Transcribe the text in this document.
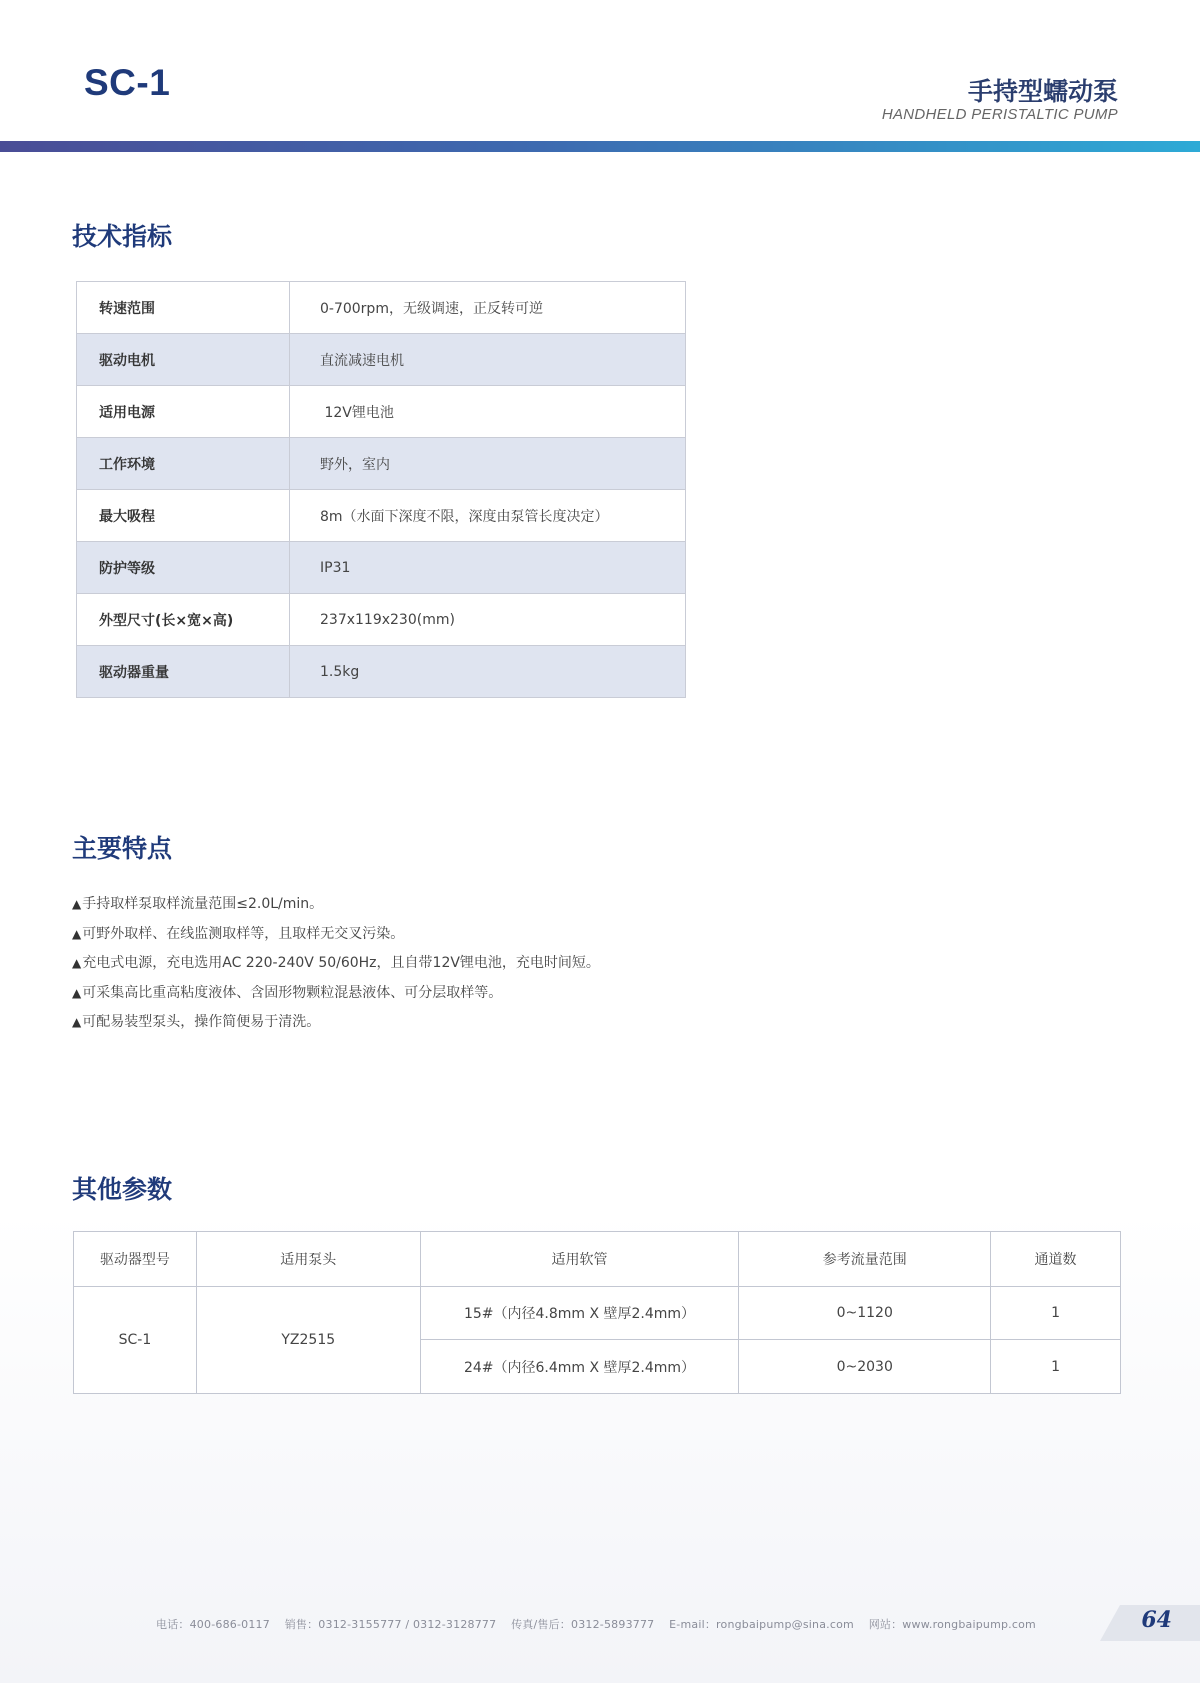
SC-1	手持型蠕动泵
HANDHELD PERISTALTIC PUMP
技术指标
转速范围	0-700rpm，无级调速，正反转可逆
驱动电机	直流减速电机
适用电源	12V锂电池
工作环境	野外，室内
最大吸程	8m（水面下深度不限，深度由泵管长度决定）
防护等级	IP31
外型尺寸(长×宽×高)	237x119x230(mm)
驱动器重量	1.5kg
主要特点
▲手持取样泵取样流量范围≤2.0L/min。
▲可野外取样、在线监测取样等，且取样无交叉污染。
▲充电式电源，充电选用AC 220-240V 50/60Hz，且自带12V锂电池，充电时间短。
▲可采集高比重高粘度液体、含固形物颗粒混悬液体、可分层取样等。
▲可配易装型泵头，操作简便易于清洗。
其他参数
驱动器型号	适用泵头	适用软管	参考流量范围	通道数
SC-1	YZ2515	15#（内径4.8mm X 壁厚2.4mm）	0~1120	1
		24#（内径6.4mm X 壁厚2.4mm）	0~2030	1
电话：400-686-0117    销售：0312-3155777 / 0312-3128777    传真/售后：0312-5893777    E-mail：rongbaipump@sina.com    网站：www.rongbaipump.com	64
